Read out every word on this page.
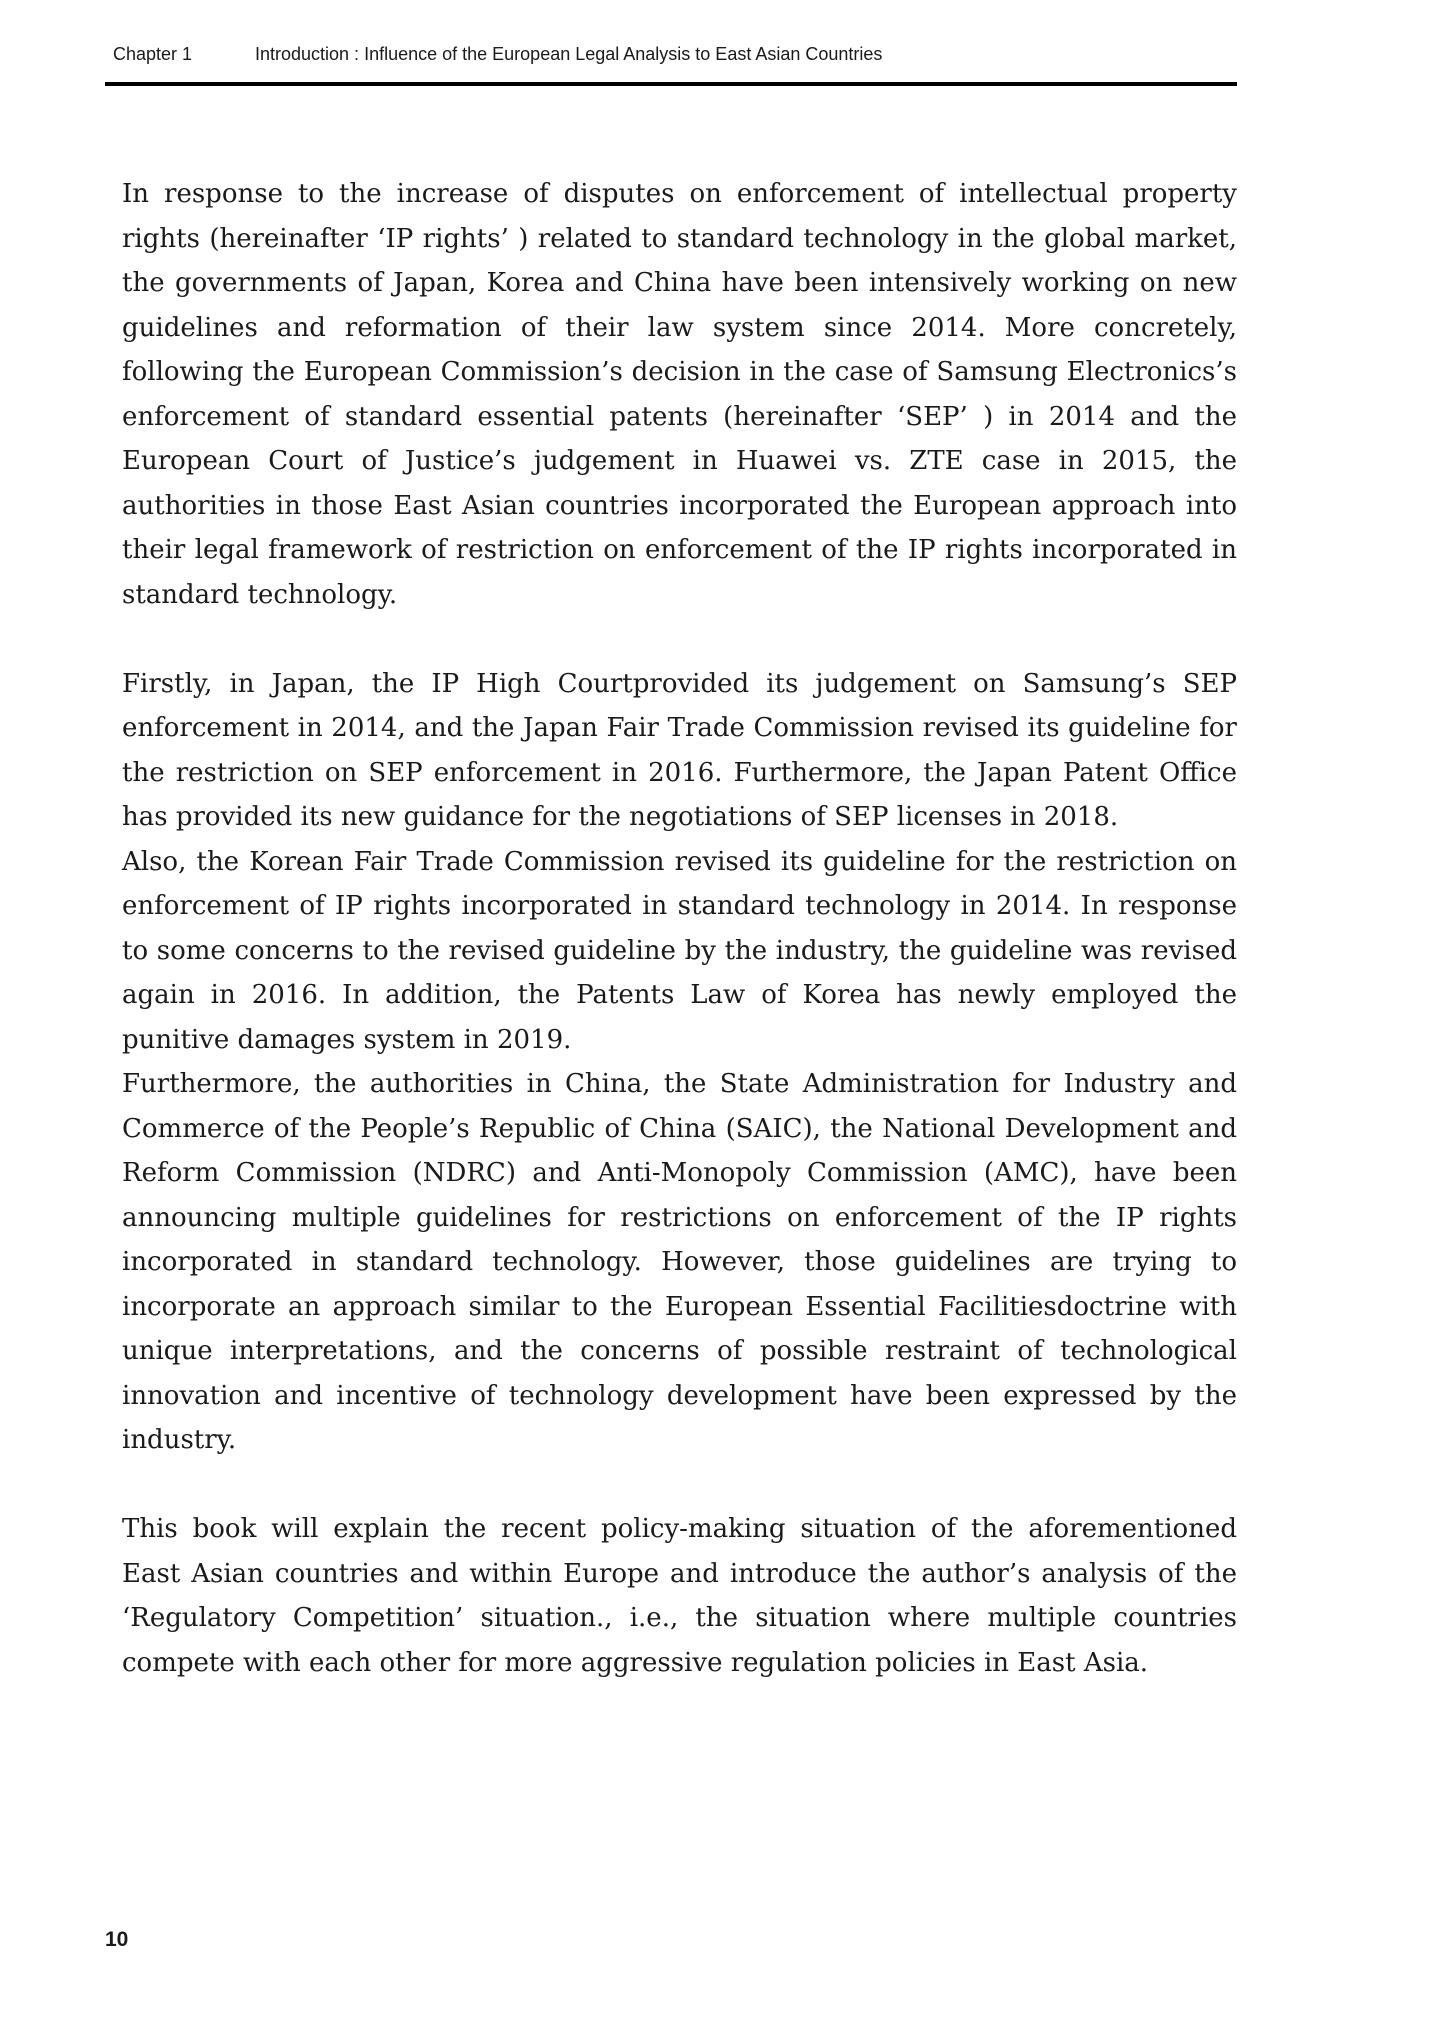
Chapter 1	Introduction : Influence of the European Legal Analysis to East Asian Countries

In response to the increase of disputes on enforcement of intellectual property rights (hereinafter ‘IP rights’ ) related to standard technology in the global market, the governments of Japan, Korea and China have been intensively working on new guidelines and reformation of their law system since 2014. More concretely, following the European Commission’s decision in the case of Samsung Electronics’s enforcement of standard essential patents (hereinafter ‘SEP’ ) in 2014 and the European Court of Justice’s judgement in Huawei vs. ZTE case in 2015, the authorities in those East Asian countries incorporated the European approach into their legal framework of restriction on enforcement of the IP rights incorporated in standard technology.

Firstly, in Japan, the IP High Courtprovided its judgement on Samsung’s SEP enforcement in 2014, and the Japan Fair Trade Commission revised its guideline for the restriction on SEP enforcement in 2016. Furthermore, the Japan Patent Office has provided its new guidance for the negotiations of SEP licenses in 2018.

Also, the Korean Fair Trade Commission revised its guideline for the restriction on enforcement of IP rights incorporated in standard technology in 2014. In response to some concerns to the revised guideline by the industry, the guideline was revised again in 2016. In addition, the Patents Law of Korea has newly employed the punitive damages system in 2019.

Furthermore, the authorities in China, the State Administration for Industry and Commerce of the People’s Republic of China (SAIC), the National Development and Reform Commission (NDRC) and Anti-Monopoly Commission (AMC), have been announcing multiple guidelines for restrictions on enforcement of the IP rights incorporated in standard technology. However, those guidelines are trying to incorporate an approach similar to the European Essential Facilitiesdoctrine with unique interpretations, and the concerns of possible restraint of technological innovation and incentive of technology development have been expressed by the industry.

This book will explain the recent policy-making situation of the aforementioned East Asian countries and within Europe and introduce the author’s analysis of the ‘Regulatory Competition’ situation., i.e., the situation where multiple countries compete with each other for more aggressive regulation policies in East Asia.

10
